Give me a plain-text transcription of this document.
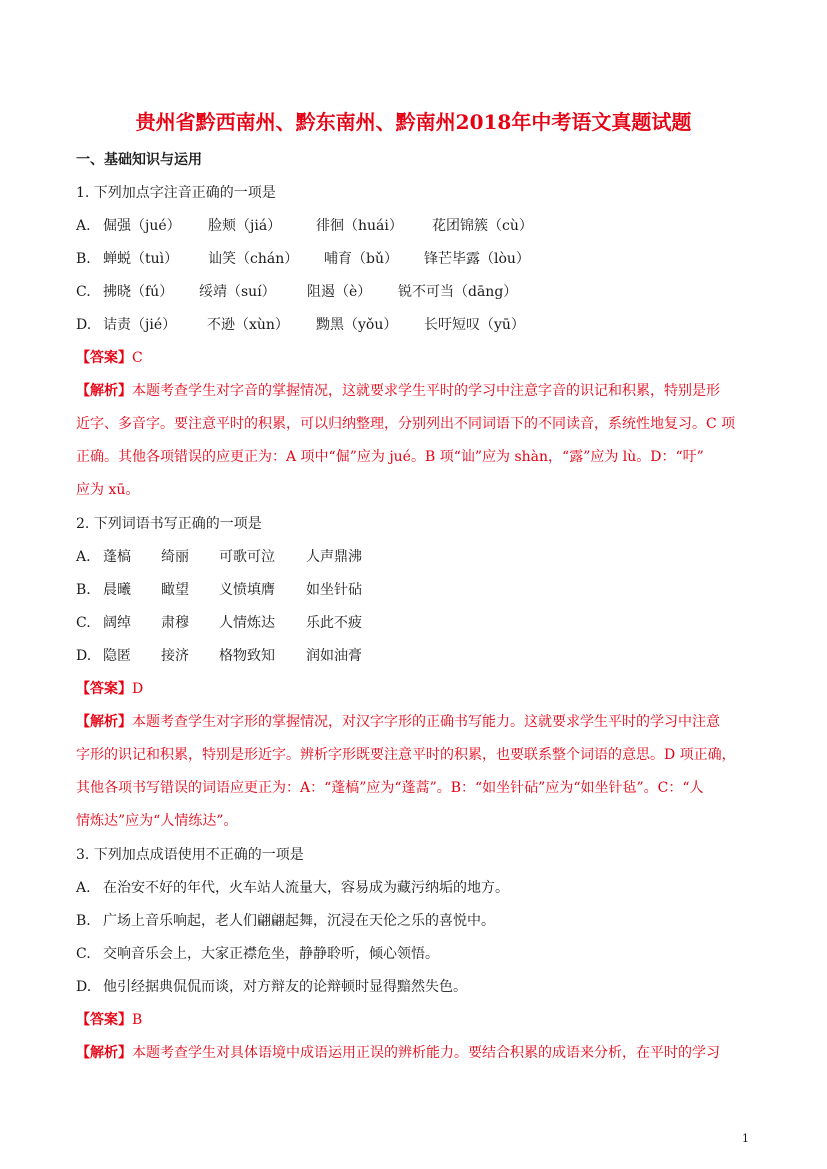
贵州省黔西南州、黔东南州、黔南州2018年中考语文真题试题
一、基础知识与运用
1. 下列加点字注音正确的一项是
A. 倔强（jué） 脸颊（jiá） 徘徊（huái） 花团锦簇（cù）
B. 蝉蜕（tuì） 讪笑（chán） 哺育（bǔ） 锋芒毕露（lòu）
C. 拂晓（fú） 绥靖（suí） 阻遏（è） 锐不可当（dāng）
D. 诘责（jié） 不逊（xùn） 黝黑（yǒu） 长吁短叹（yū）
【答案】C
【解析】本题考查学生对字音的掌握情况，这就要求学生平时的学习中注意字音的识记和积累，特别是形
近字、多音字。要注意平时的积累，可以归纳整理，分别列出不同词语下的不同读音，系统性地复习。C 项
正确。其他各项错误的应更正为：A 项中“倔”应为 jué。B 项“讪”应为 shàn，“露”应为 lù。D：“吁”
应为 xū。
2. 下列词语书写正确的一项是
A. 蓬槁 绮丽 可歌可泣 人声鼎沸
B. 晨曦 瞰望 义愤填膺 如坐针砧
C. 阔绰 肃穆 人情炼达 乐此不疲
D. 隐匿 接济 格物致知 润如油膏
【答案】D
【解析】本题考查学生对字形的掌握情况，对汉字字形的正确书写能力。这就要求学生平时的学习中注意
字形的识记和积累，特别是形近字。辨析字形既要注意平时的积累，也要联系整个词语的意思。D 项正确，
其他各项书写错误的词语应更正为：A：“蓬槁”应为“蓬蒿”。B：“如坐针砧”应为“如坐针毡”。C：“人
情炼达”应为“人情练达”。
3. 下列加点成语使用不正确的一项是
A. 在治安不好的年代，火车站人流量大，容易成为藏污纳垢的地方。
B. 广场上音乐响起，老人们翩翩起舞，沉浸在天伦之乐的喜悦中。
C. 交响音乐会上，大家正襟危坐，静静聆听，倾心领悟。
D. 他引经据典侃侃而谈，对方辩友的论辩顿时显得黯然失色。
【答案】B
【解析】本题考查学生对具体语境中成语运用正误的辨析能力。要结合积累的成语来分析，在平时的学习
1
